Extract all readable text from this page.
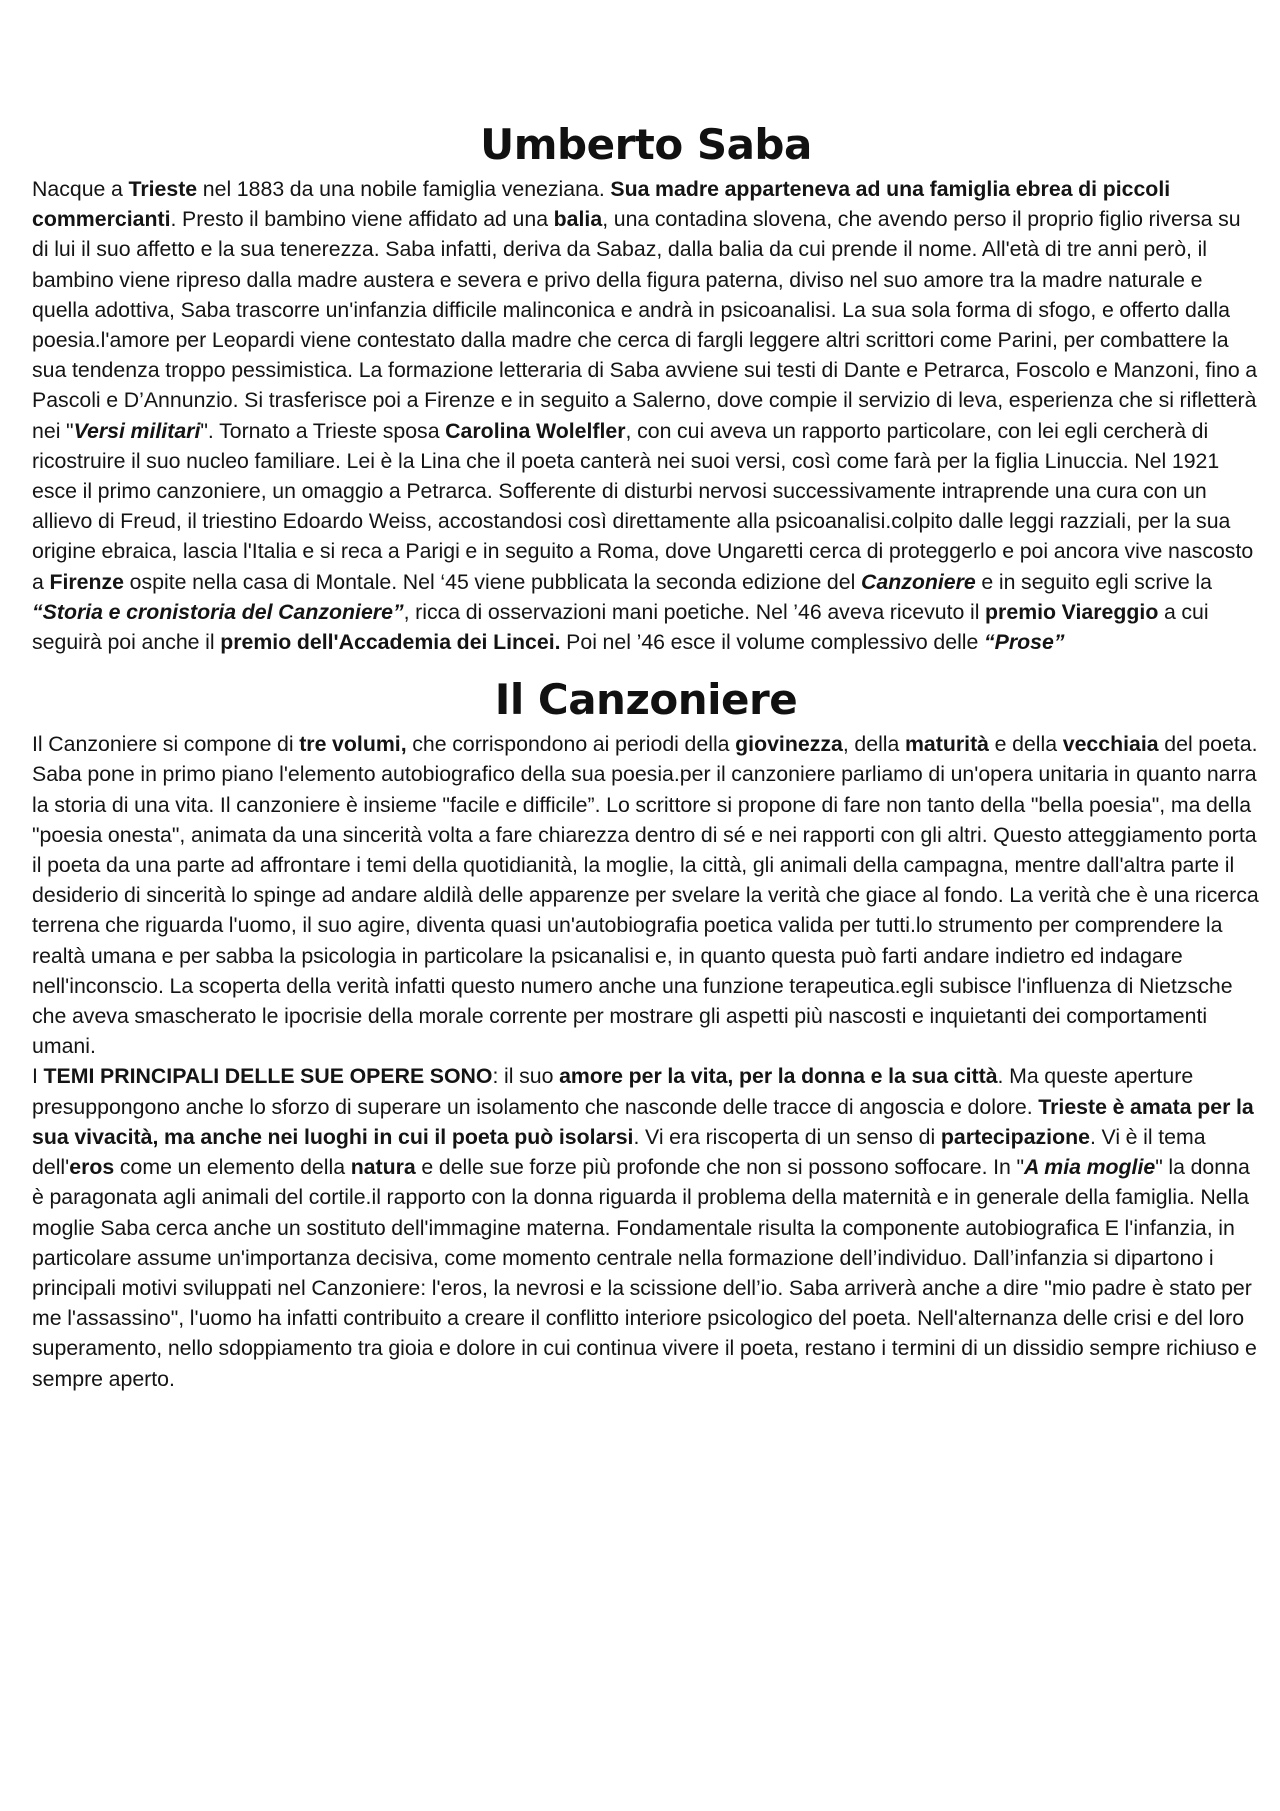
Umberto Saba

Nacque a Trieste nel 1883 da una nobile famiglia veneziana. Sua madre apparteneva ad una famiglia ebrea di piccoli commercianti. Presto il bambino viene affidato ad una balia, una contadina slovena, che avendo perso il proprio figlio riversa su di lui il suo affetto e la sua tenerezza. Saba infatti, deriva da Sabaz, dalla balia da cui prende il nome. All'età di tre anni però, il bambino viene ripreso dalla madre austera e severa e privo della figura paterna, diviso nel suo amore tra la madre naturale e quella adottiva, Saba trascorre un'infanzia difficile malinconica e andrà in psicoanalisi. La sua sola forma di sfogo, e offerto dalla poesia.l'amore per Leopardi viene contestato dalla madre che cerca di fargli leggere altri scrittori come Parini, per combattere la sua tendenza troppo pessimistica. La formazione letteraria di Saba avviene sui testi di Dante e Petrarca, Foscolo e Manzoni, fino a Pascoli e D’Annunzio. Si trasferisce poi a Firenze e in seguito a Salerno, dove compie il servizio di leva, esperienza che si rifletterà nei "Versi militari". Tornato a Trieste sposa Carolina Wolelfler, con cui aveva un rapporto particolare, con lei egli cercherà di ricostruire il suo nucleo familiare. Lei è la Lina che il poeta canterà nei suoi versi, così come farà per la figlia Linuccia. Nel 1921 esce il primo canzoniere, un omaggio a Petrarca. Sofferente di disturbi nervosi successivamente intraprende una cura con un allievo di Freud, il triestino Edoardo Weiss, accostandosi così direttamente alla psicoanalisi.colpito dalle leggi razziali, per la sua origine ebraica, lascia l'Italia e si reca a Parigi e in seguito a Roma, dove Ungaretti cerca di proteggerlo e poi ancora vive nascosto a Firenze ospite nella casa di Montale. Nel ‘45 viene pubblicata la seconda edizione del Canzoniere e in seguito egli scrive la “Storia e cronistoria del Canzoniere”, ricca di osservazioni mani poetiche. Nel ’46 aveva ricevuto il premio Viareggio a cui seguirà poi anche il premio dell'Accademia dei Lincei. Poi nel ’46 esce il volume complessivo delle “Prose”

Il Canzoniere

Il Canzoniere si compone di tre volumi, che corrispondono ai periodi della giovinezza, della maturità e della vecchiaia del poeta. Saba pone in primo piano l'elemento autobiografico della sua poesia.per il canzoniere parliamo di un'opera unitaria in quanto narra la storia di una vita. Il canzoniere è insieme "facile e difficile”. Lo scrittore si propone di fare non tanto della "bella poesia", ma della "poesia onesta", animata da una sincerità volta a fare chiarezza dentro di sé e nei rapporti con gli altri. Questo atteggiamento porta il poeta da una parte ad affrontare i temi della quotidianità, la moglie, la città, gli animali della campagna, mentre dall'altra parte il desiderio di sincerità lo spinge ad andare aldilà delle apparenze per svelare la verità che giace al fondo. La verità che è una ricerca terrena che riguarda l'uomo, il suo agire, diventa quasi un'autobiografia poetica valida per tutti.lo strumento per comprendere la realtà umana e per sabba la psicologia in particolare la psicanalisi e, in quanto questa può farti andare indietro ed indagare nell'inconscio. La scoperta della verità infatti questo numero anche una funzione terapeutica.egli subisce l'influenza di Nietzsche che aveva smascherato le ipocrisie della morale corrente per mostrare gli aspetti più nascosti e inquietanti dei comportamenti umani.

I TEMI PRINCIPALI DELLE SUE OPERE SONO: il suo amore per la vita, per la donna e la sua città. Ma queste aperture presuppongono anche lo sforzo di superare un isolamento che nasconde delle tracce di angoscia e dolore. Trieste è amata per la sua vivacità, ma anche nei luoghi in cui il poeta può isolarsi. Vi era riscoperta di un senso di partecipazione. Vi è il tema dell'eros come un elemento della natura e delle sue forze più profonde che non si possono soffocare. In "A mia moglie" la donna è paragonata agli animali del cortile.il rapporto con la donna riguarda il problema della maternità e in generale della famiglia. Nella moglie Saba cerca anche un sostituto dell'immagine materna. Fondamentale risulta la componente autobiografica E l'infanzia, in particolare assume un'importanza decisiva, come momento centrale nella formazione dell’individuo. Dall’infanzia si dipartono i principali motivi sviluppati nel Canzoniere: l'eros, la nevrosi e la scissione dell’io. Saba arriverà anche a dire "mio padre è stato per me l'assassino", l'uomo ha infatti contribuito a creare il conflitto interiore psicologico del poeta. Nell'alternanza delle crisi e del loro superamento, nello sdoppiamento tra gioia e dolore in cui continua vivere il poeta, restano i termini di un dissidio sempre richiuso e sempre aperto.
